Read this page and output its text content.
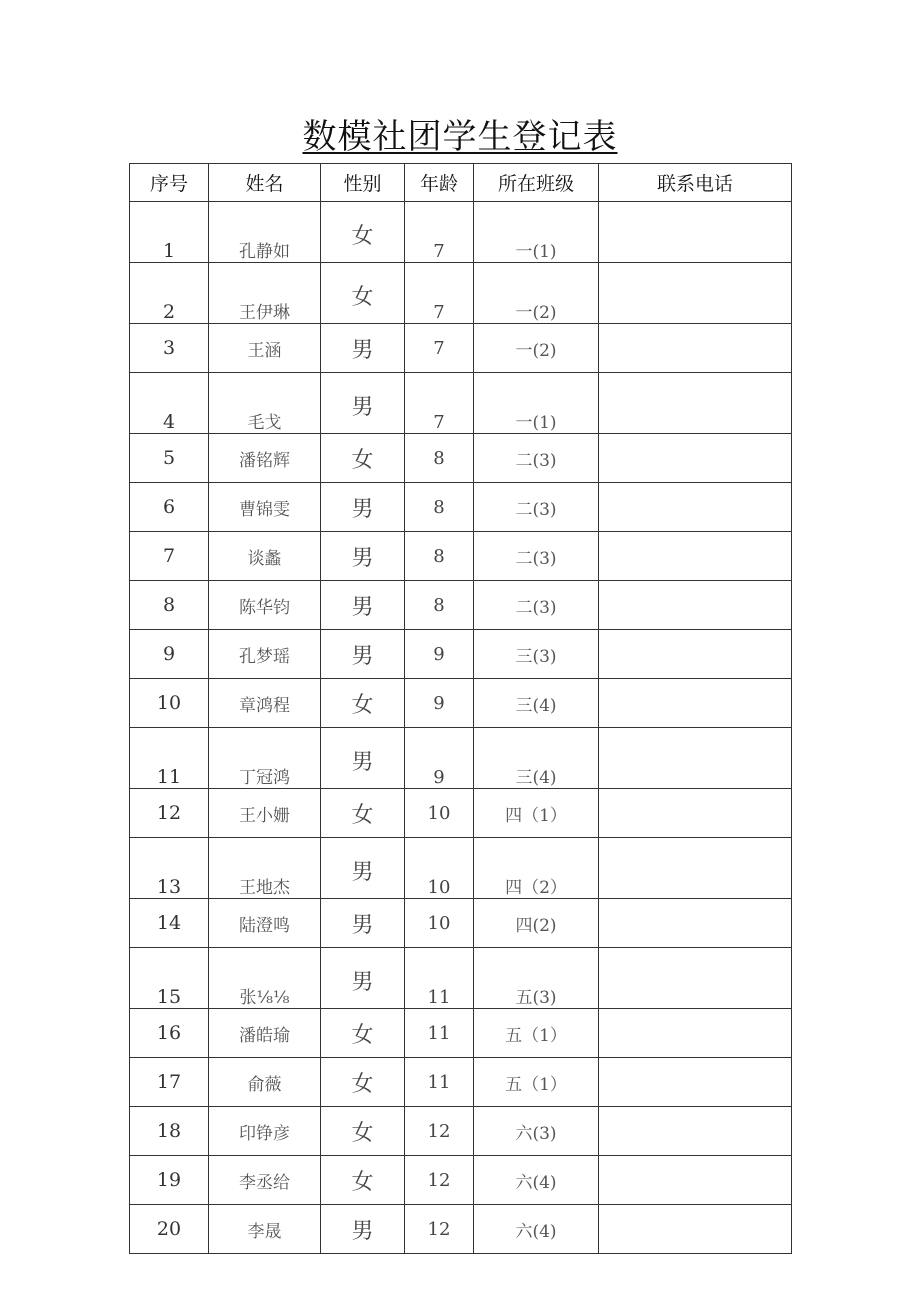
数模社团学生登记表
序号	姓名	性别	年龄	所在班级	联系电话
1	孔静如	女	7	一(1)	
2	王伊琳	女	7	一(2)	
3	王涵	男	7	一(2)	
4	毛戈	男	7	一(1)	
5	潘铭辉	女	8	二(3)	
6	曹锦雯	男	8	二(3)	
7	谈蠡	男	8	二(3)	
8	陈华钧	男	8	二(3)	
9	孔梦瑶	男	9	三(3)	
10	章鸿程	女	9	三(4)	
11	丁冠鸿	男	9	三(4)	
12	王小姗	女	10	四（1）	
13	王地杰	男	10	四（2）	
14	陆澄鸣	男	10	四(2)	
15	张⅛⅛	男	11	五(3)	
16	潘皓瑜	女	11	五（1）	
17	俞薇	女	11	五（1）	
18	印铮彦	女	12	六(3)	
19	李丞给	女	12	六(4)	
20	李晟	男	12	六(4)	
